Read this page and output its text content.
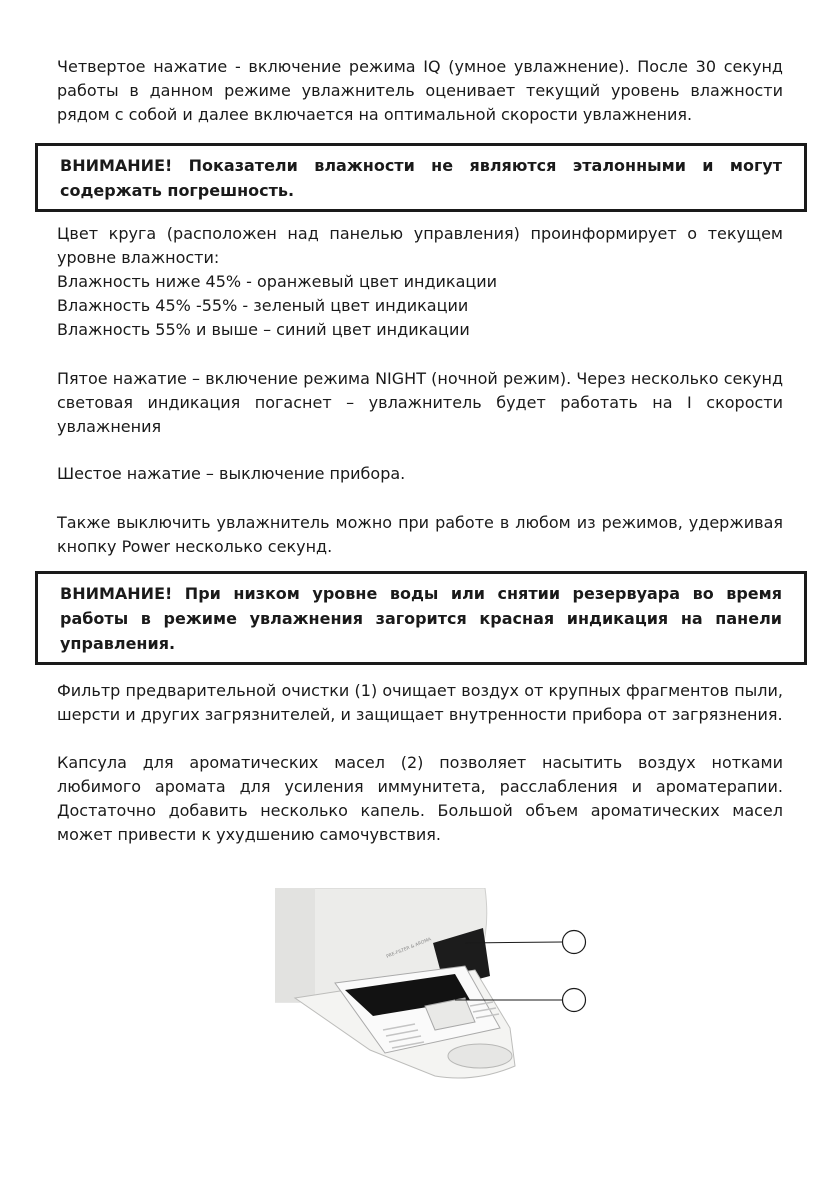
Четвертое нажатие - включение режима IQ (умное увлажнение). После 30 секунд работы в данном режиме увлажнитель оценивает текущий уровень влажности рядом с собой и далее включается на оптимальной скорости увлажнения.

ВНИМАНИЕ! Показатели влажности не являются эталонными и могут содержать погрешность.
Цвет круга (расположен над панелью управления) проинформирует о текущем уровне влажности:
Влажность ниже 45% - оранжевый цвет индикации
Влажность 45% -55% - зеленый цвет индикации
Влажность 55% и выше – синий цвет индикации

Пятое нажатие – включение режима NIGHT (ночной режим). Через несколько секунд световая индикация погаснет – увлажнитель будет работать на I скорости увлажнения

Шестое нажатие – выключение прибора.

Также выключить увлажнитель можно при работе в любом из режимов, удерживая кнопку Power несколько секунд.

ВНИМАНИЕ! При низком уровне воды или снятии резервуара во время работы в режиме увлажнения загорится красная индикация на панели управления.

Фильтр предварительной очистки (1) очищает воздух от крупных фрагментов пыли, шерсти и других загрязнителей, и защищает внутренности прибора от загрязнения.

Капсула для ароматических масел (2) позволяет насытить воздух нотками любимого аромата для усиления иммунитета, расслабления и ароматерапии. Достаточно добавить несколько капель. Большой объем ароматических масел может привести к ухудшению самочувствия.

PRE-FILTER & AROMA
